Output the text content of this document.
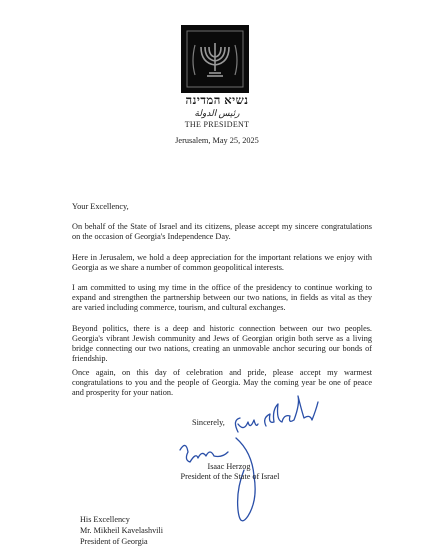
נשיא המדינה
رئيس الدولة
THE PRESIDENT
Jerusalem, May 25, 2025
Your Excellency,
On behalf of the State of Israel and its citizens, please accept my sincere congratulations on the occasion of Georgia's Independence Day.
Here in Jerusalem, we hold a deep appreciation for the important relations we enjoy with Georgia as we share a number of common geopolitical interests.
I am committed to using my time in the office of the presidency to continue working to expand and strengthen the partnership between our two nations, in fields as vital as they are varied including commerce, tourism, and cultural exchanges.
Beyond politics, there is a deep and historic connection between our two peoples. Georgia's vibrant Jewish community and Jews of Georgian origin both serve as a living bridge connecting our two nations, creating an unmovable anchor securing our bonds of friendship.
Once again, on this day of celebration and pride, please accept my warmest congratulations to you and the people of Georgia. May the coming year be one of peace and prosperity for your nation.
Sincerely,
Isaac Herzog
President of the State of Israel
His Excellency
Mr. Mikheil Kavelashvili
President of Georgia
